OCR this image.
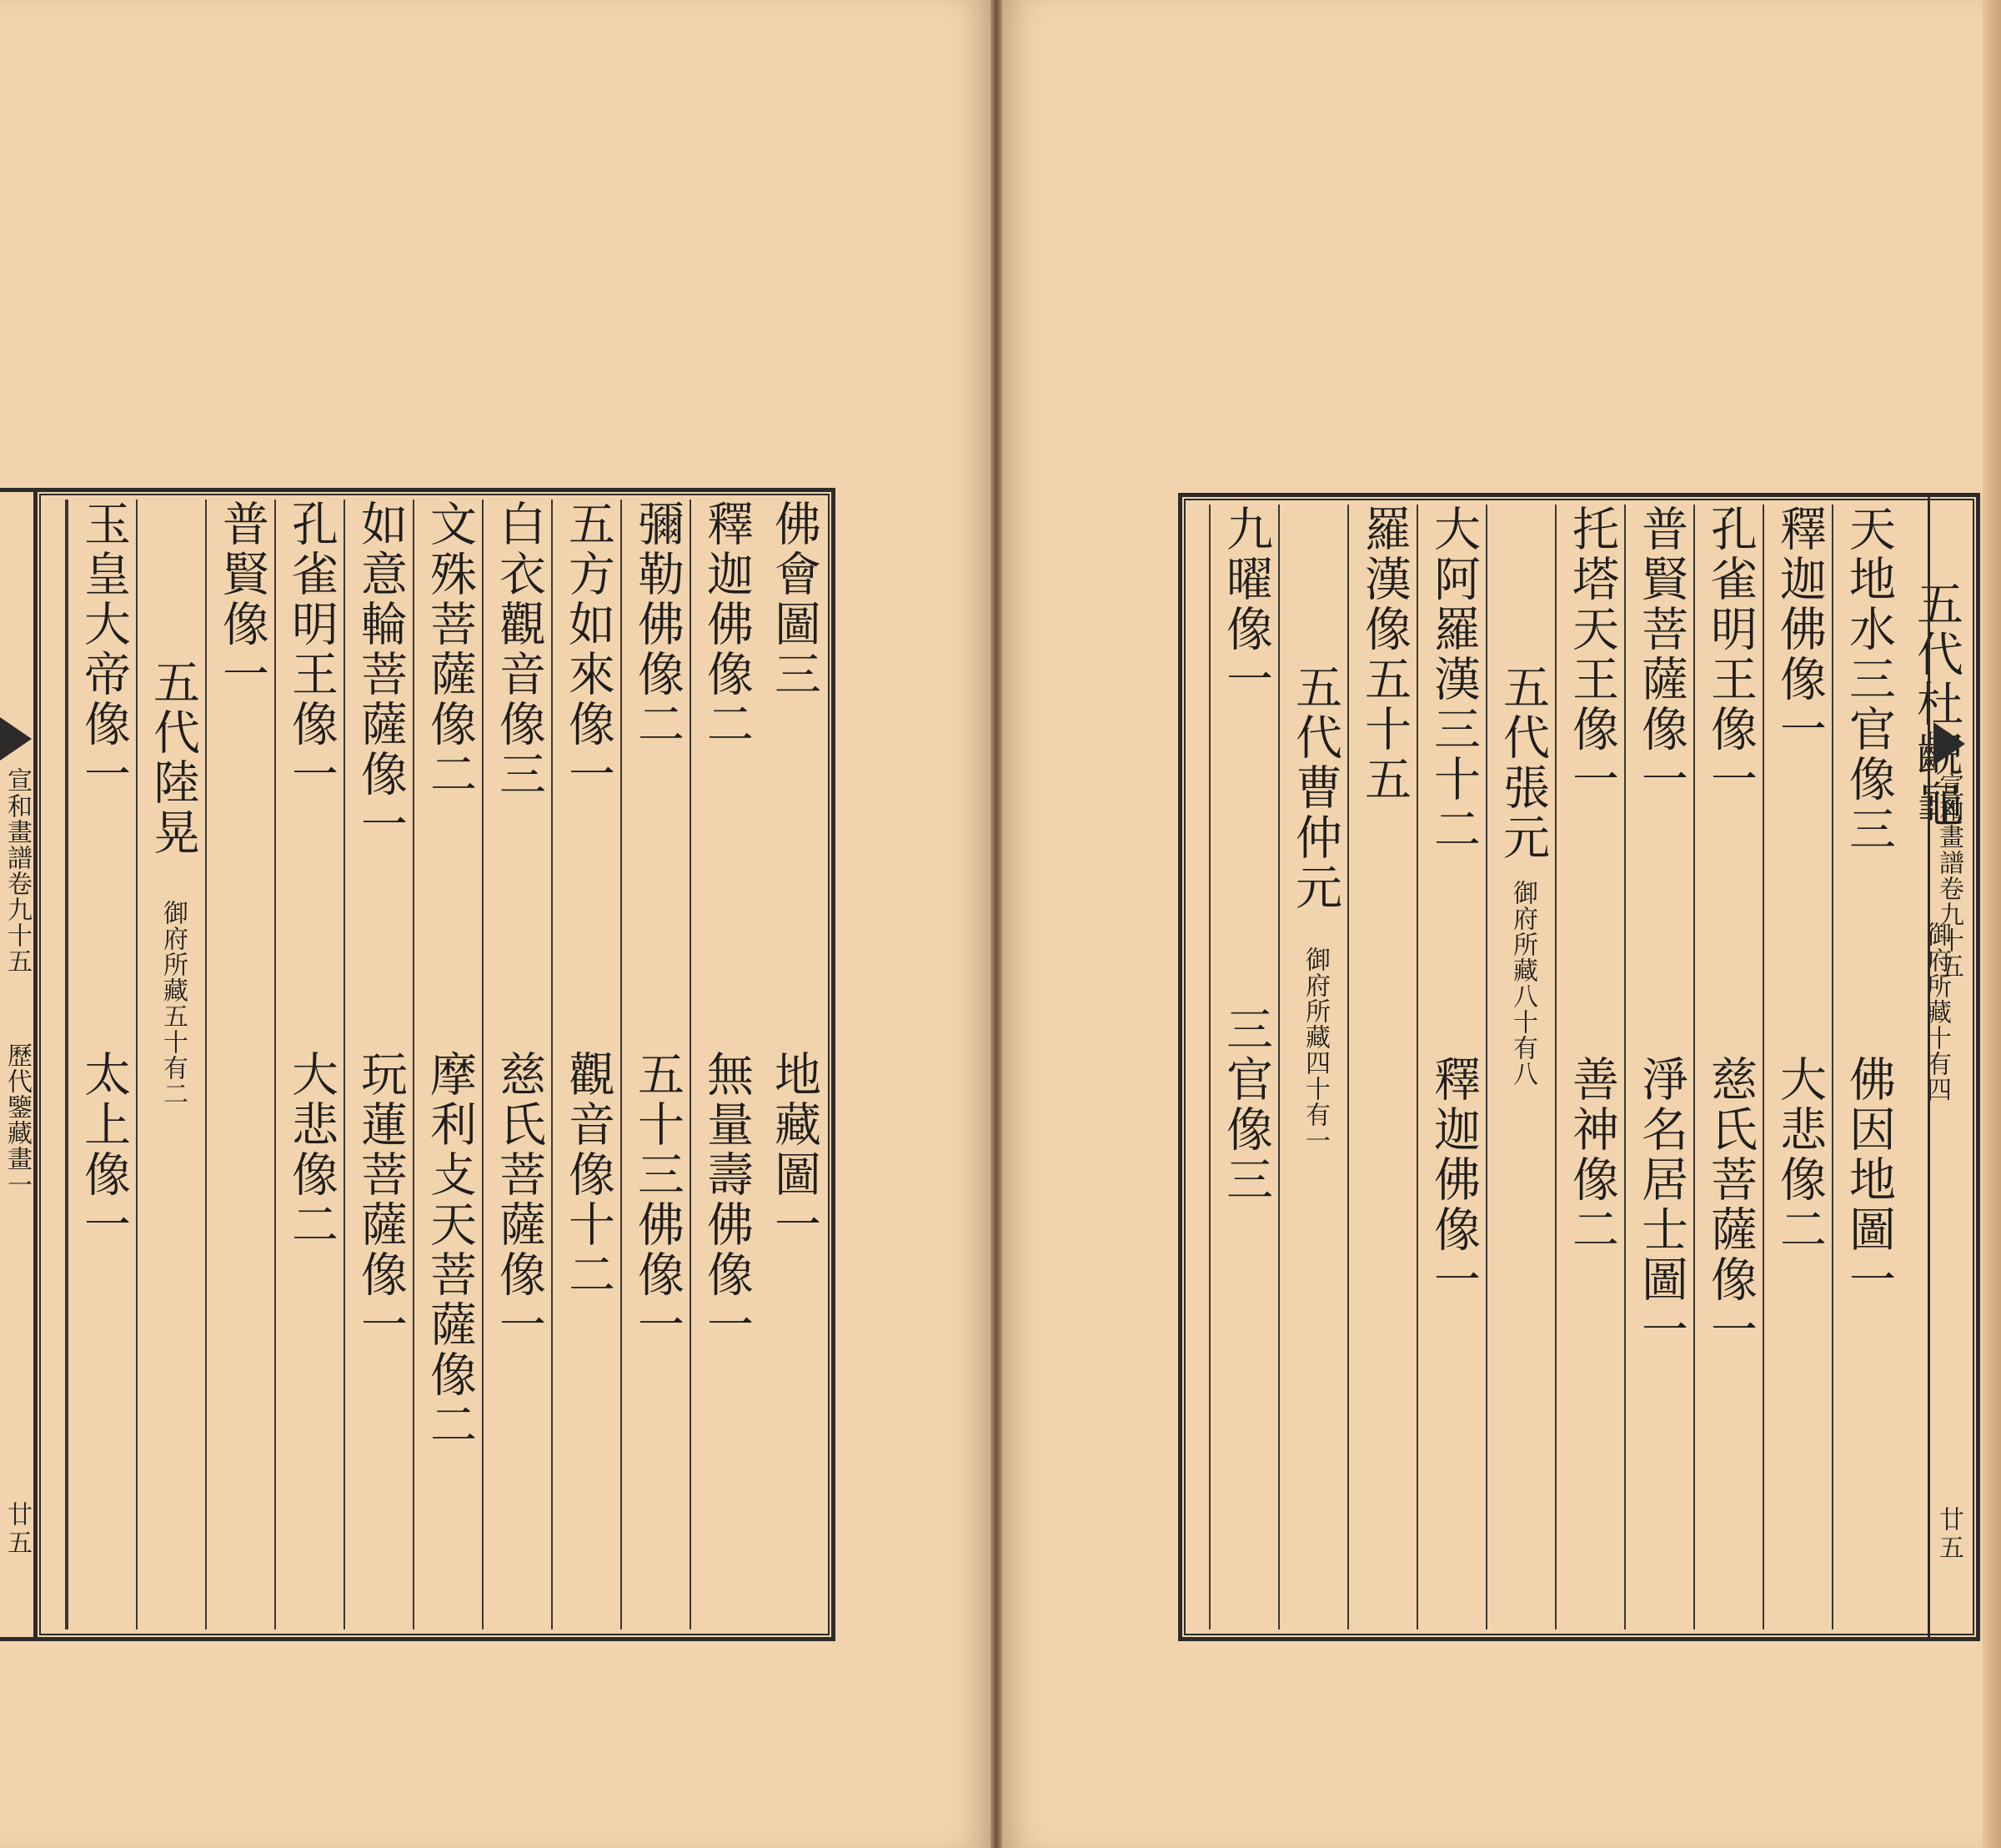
佛會圖三
地藏圖一
釋迦佛像二
無量壽佛像一
彌勒佛像二
五十三佛像一
五方如來像一
觀音像十二
白衣觀音像三
慈氏菩薩像一
文殊菩薩像二
摩利攴天菩薩像二
如意輪菩薩像一
玩蓮菩薩像一
孔雀明王像一
大悲像二
普賢像一
五代陸晃
御府所藏五十有二
玉皇大帝像一
太上像一
宣和畫譜卷九十五
歷代鑒藏畫一
廿五
五代杜齯龜
御府所藏十有四
天地水三官像三
佛因地圖一
釋迦佛像一
大悲像二
孔雀明王像一
慈氏菩薩像一
普賢菩薩像一
淨名居士圖一
托塔天王像一
善神像二
五代張元
御府所藏八十有八
大阿羅漢三十二
釋迦佛像一
羅漢像五十五
五代曹仲元
御府所藏四十有一
九曜像一
三官像三
宣和畫譜卷九十五
廿五
